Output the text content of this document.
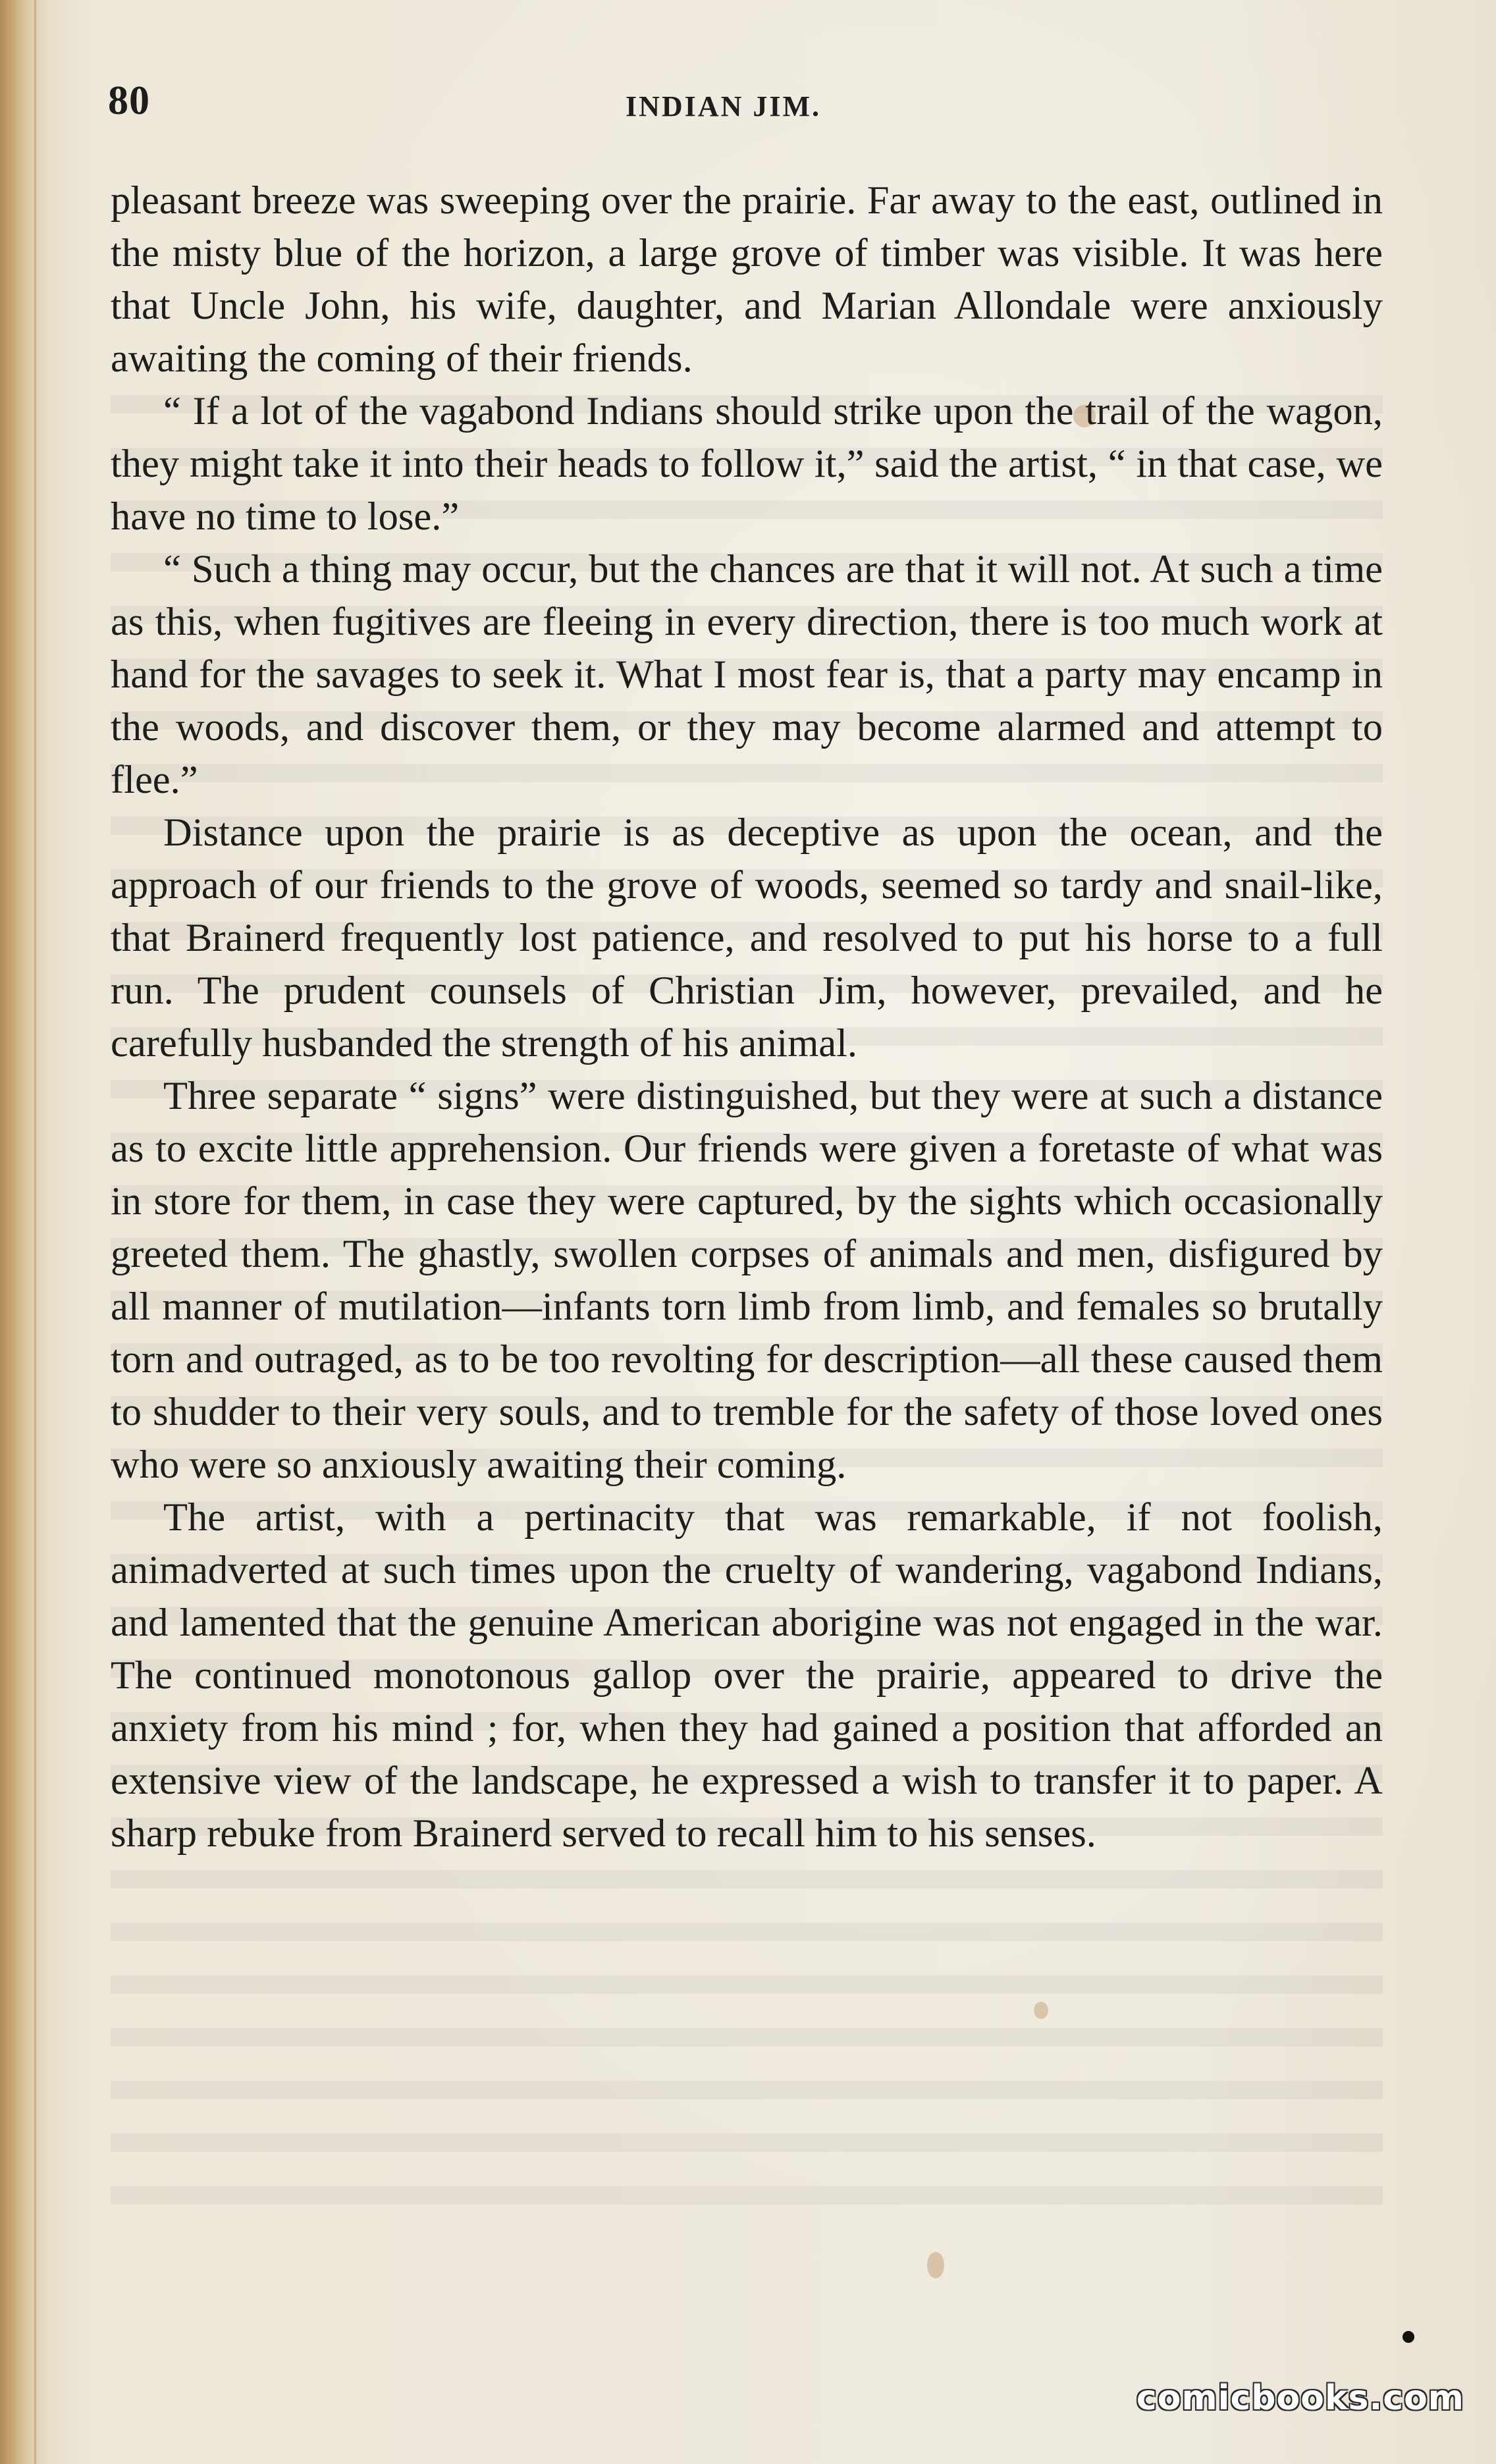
80	INDIAN JIM.

pleasant breeze was sweeping over the prairie. Far away to the east, outlined in the misty blue of the horizon, a large grove of timber was visible. It was here that Uncle John, his wife, daughter, and Marian Allondale were anxiously awaiting the coming of their friends.

“ If a lot of the vagabond Indians should strike upon the trail of the wagon, they might take it into their heads to follow it,” said the artist, “ in that case, we have no time to lose.”

“ Such a thing may occur, but the chances are that it will not. At such a time as this, when fugitives are fleeing in every direction, there is too much work at hand for the savages to seek it. What I most fear is, that a party may encamp in the woods, and discover them, or they may become alarmed and attempt to flee.”

Distance upon the prairie is as deceptive as upon the ocean, and the approach of our friends to the grove of woods, seemed so tardy and snail-like, that Brainerd frequently lost patience, and resolved to put his horse to a full run. The prudent counsels of Christian Jim, however, prevailed, and he carefully husbanded the strength of his animal.

Three separate “ signs” were distinguished, but they were at such a distance as to excite little apprehension. Our friends were given a foretaste of what was in store for them, in case they were captured, by the sights which occasionally greeted them. The ghastly, swollen corpses of animals and men, disfigured by all manner of mutilation—infants torn limb from limb, and females so brutally torn and outraged, as to be too revolting for description—all these caused them to shudder to their very souls, and to tremble for the safety of those loved ones who were so anxiously awaiting their coming.

The artist, with a pertinacity that was remarkable, if not foolish, animadverted at such times upon the cruelty of wandering, vagabond Indians, and lamented that the genuine American aborigine was not engaged in the war. The continued monotonous gallop over the prairie, appeared to drive the anxiety from his mind ; for, when they had gained a position that afforded an extensive view of the landscape, he expressed a wish to transfer it to paper. A sharp rebuke from Brainerd served to recall him to his senses.

comicbooks.com
